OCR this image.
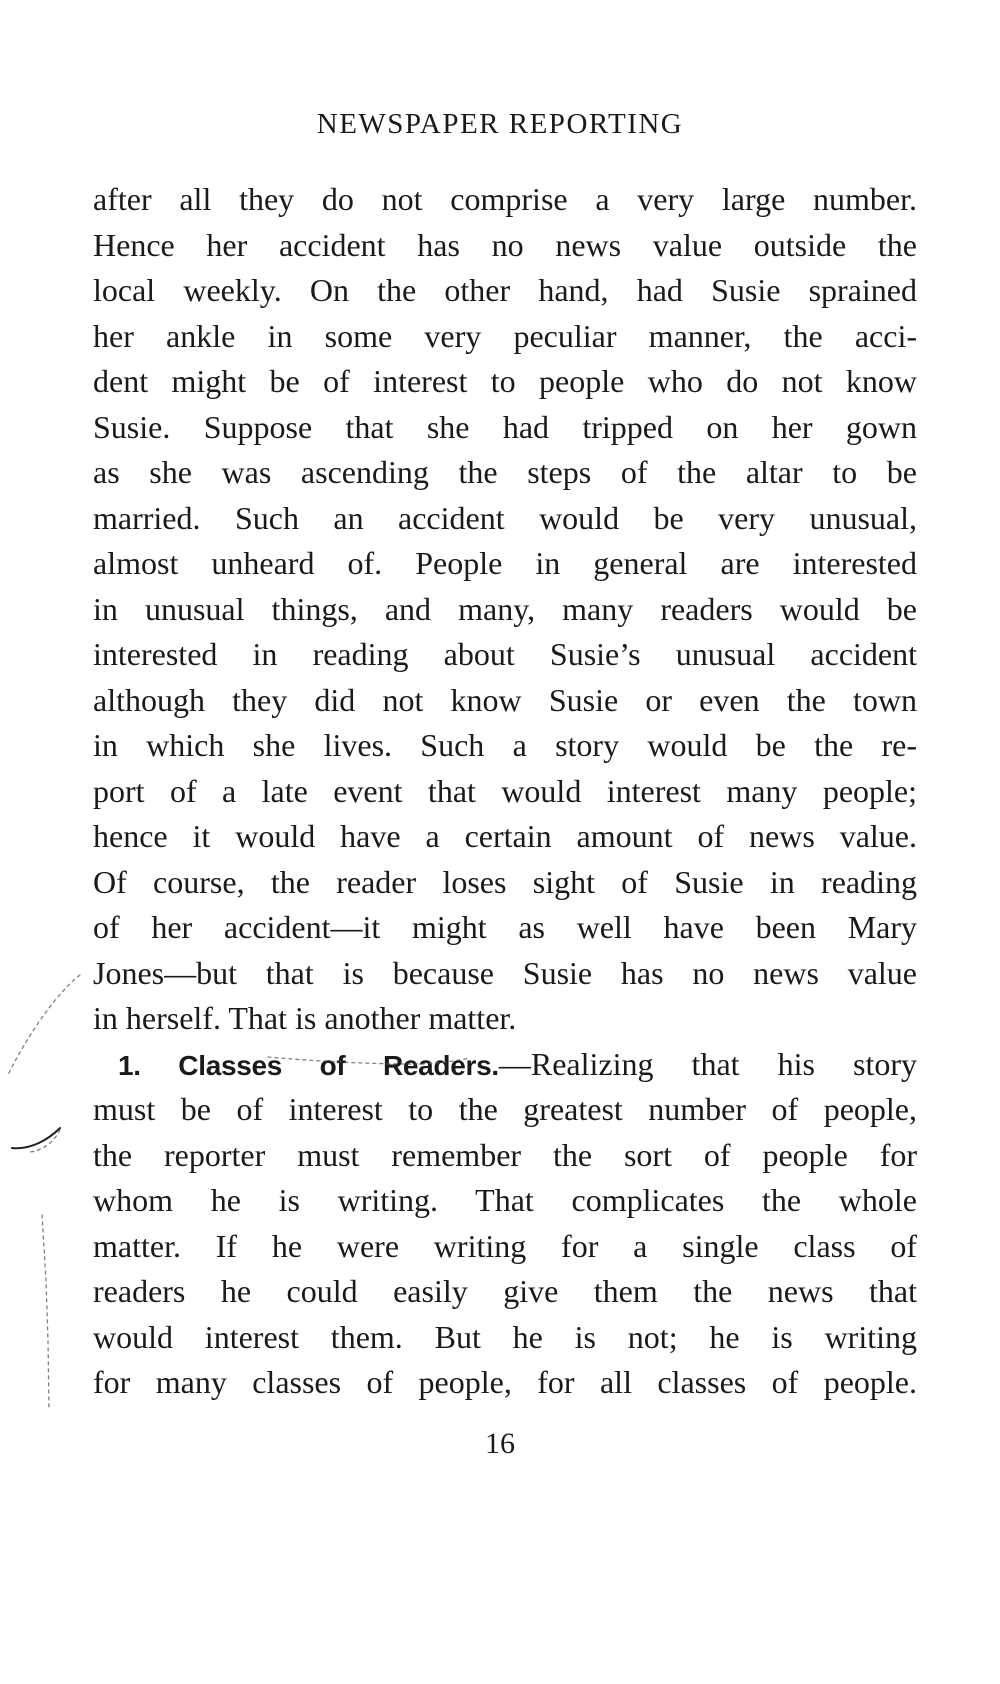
NEWSPAPER REPORTING
after all they do not comprise a very large number.
Hence her accident has no news value outside the
local weekly. On the other hand, had Susie sprained
her ankle in some very peculiar manner, the acci-
dent might be of interest to people who do not know
Susie. Suppose that she had tripped on her gown
as she was ascending the steps of the altar to be
married. Such an accident would be very unusual,
almost unheard of. People in general are interested
in unusual things, and many, many readers would be
interested in reading about Susie’s unusual accident
although they did not know Susie or even the town
in which she lives. Such a story would be the re-
port of a late event that would interest many people;
hence it would have a certain amount of news value.
Of course, the reader loses sight of Susie in reading
of her accident—it might as well have been Mary
Jones—but that is because Susie has no news value
in herself. That is another matter.
1. Classes of Readers.—Realizing that his story
must be of interest to the greatest number of people,
the reporter must remember the sort of people for
whom he is writing. That complicates the whole
matter. If he were writing for a single class of
readers he could easily give them the news that
would interest them. But he is not; he is writing
for many classes of people, for all classes of people.
16
